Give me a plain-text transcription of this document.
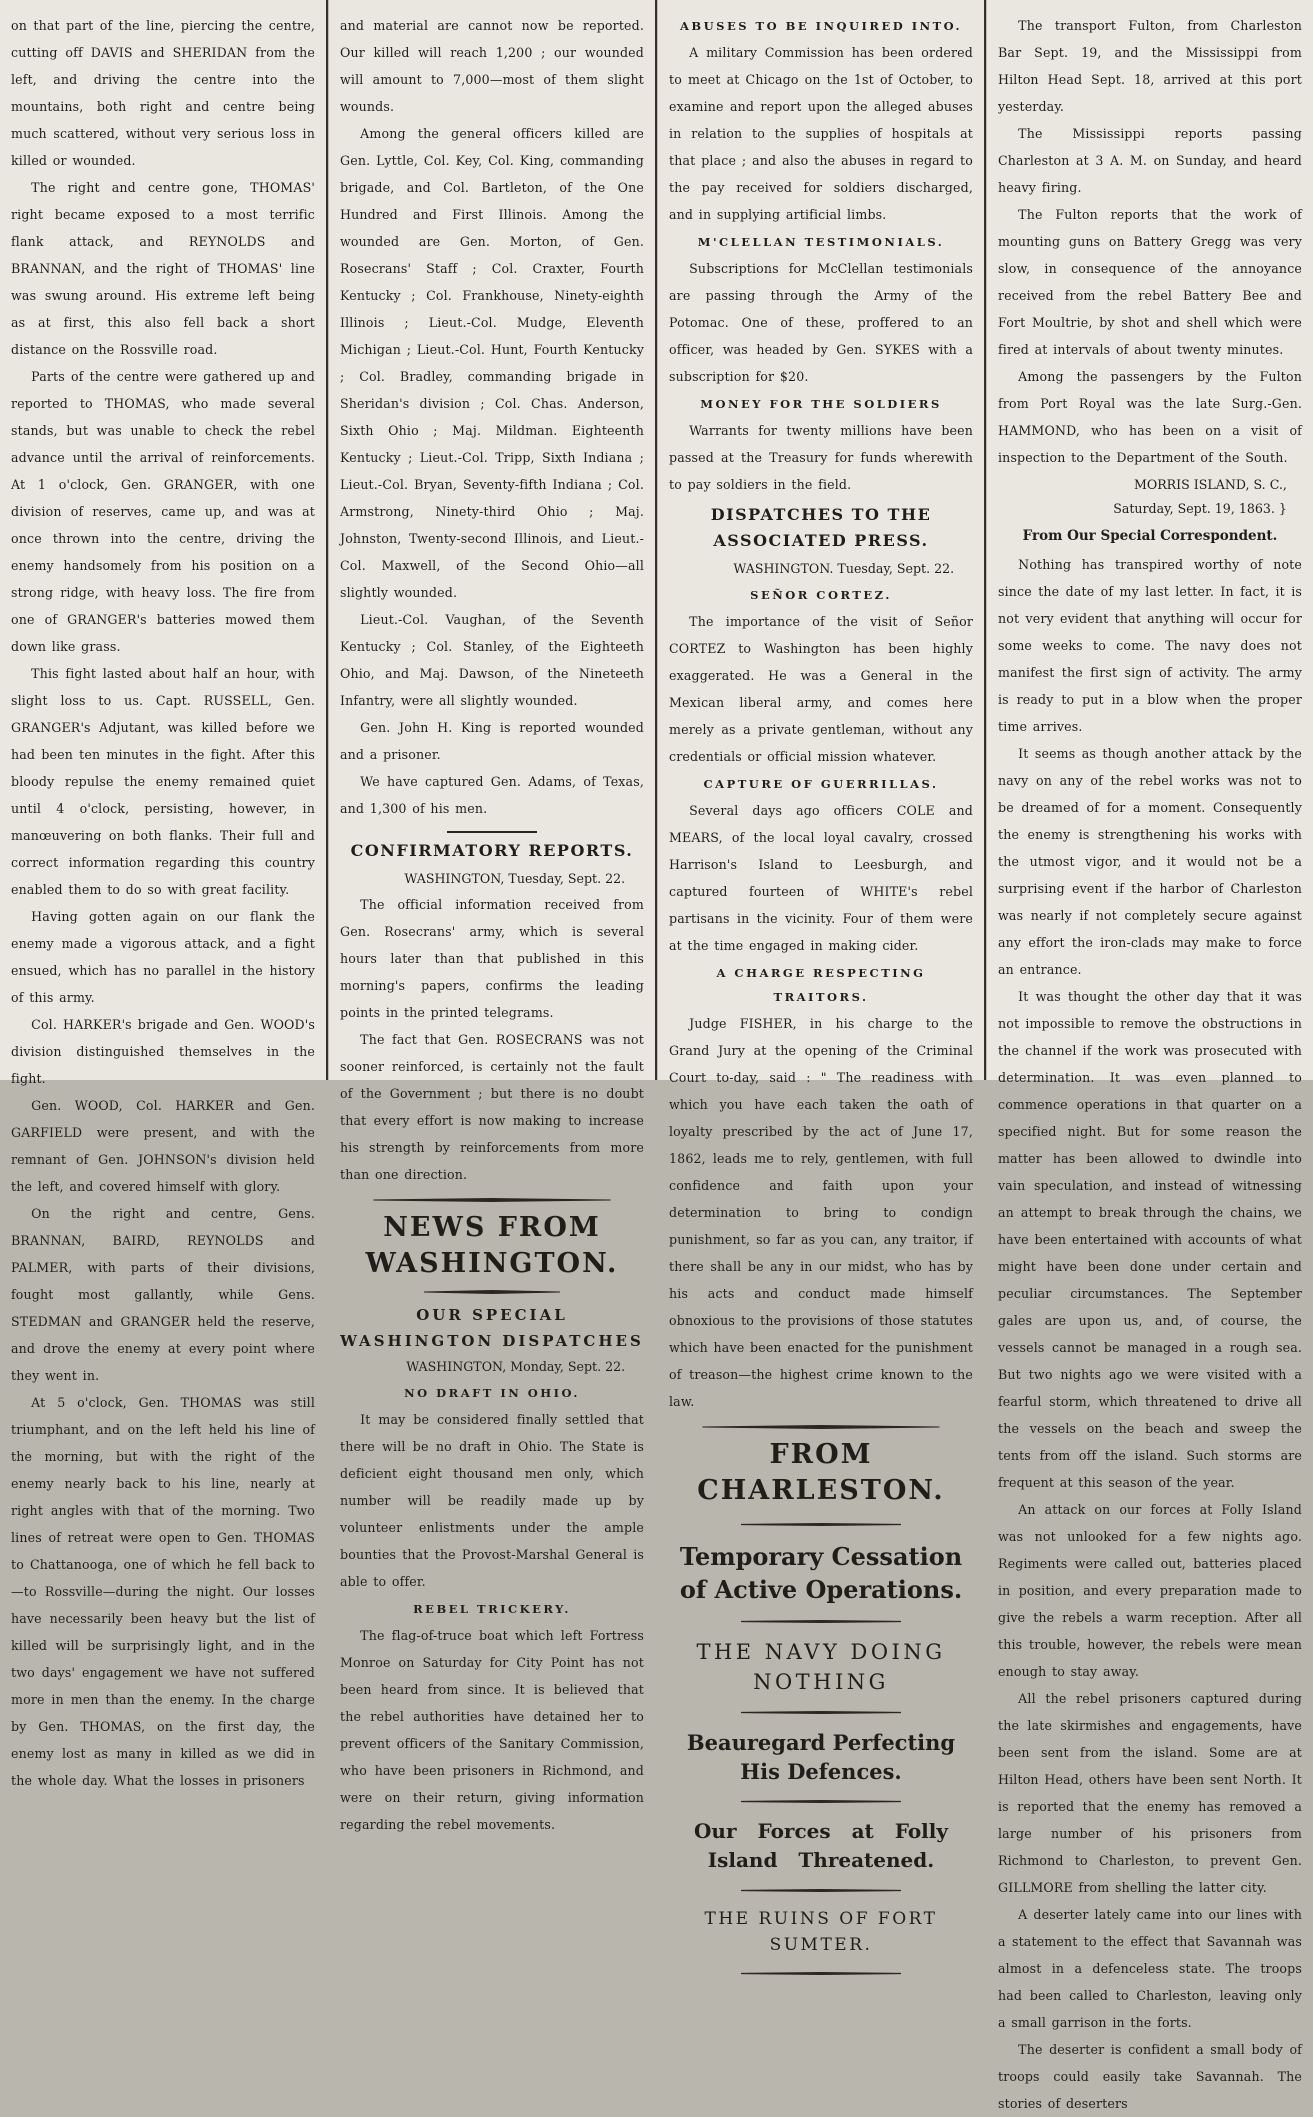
on that part of the line, piercing the centre, cutting off DAVIS and SHERIDAN from the left, and driving the centre into the mountains, both right and centre being much scattered, without very serious loss in killed or wounded.

The right and centre gone, THOMAS' right became exposed to a most terrific flank attack, and REYNOLDS and BRANNAN, and the right of THOMAS' line was swung around. His extreme left being as at first, this also fell back a short distance on the Rossville road.

Parts of the centre were gathered up and reported to THOMAS, who made several stands, but was unable to check the rebel advance until the arrival of reinforcements. At 1 o'clock, Gen. GRANGER, with one division of reserves, came up, and was at once thrown into the centre, driving the enemy handsomely from his position on a strong ridge, with heavy loss. The fire from one of GRANGER's batteries mowed them down like grass.

This fight lasted about half an hour, with slight loss to us. Capt. RUSSELL, Gen. GRANGER's Adjutant, was killed before we had been ten minutes in the fight. After this bloody repulse the enemy remained quiet until 4 o'clock, persisting, however, in manœuvering on both flanks. Their full and correct information regarding this country enabled them to do so with great facility.

Having gotten again on our flank the enemy made a vigorous attack, and a fight ensued, which has no parallel in the history of this army.

Col. HARKER's brigade and Gen. WOOD's division distinguished themselves in the fight.

Gen. WOOD, Col. HARKER and Gen. GARFIELD were present, and with the remnant of Gen. JOHNSON's division held the left, and covered himself with glory.

On the right and centre, Gens. BRANNAN, BAIRD, REYNOLDS and PALMER, with parts of their divisions, fought most gallantly, while Gens. STEDMAN and GRANGER held the reserve, and drove the enemy at every point where they went in.

At 5 o'clock, Gen. THOMAS was still triumphant, and on the left held his line of the morning, but with the right of the enemy nearly back to his line, nearly at right angles with that of the morning. Two lines of retreat were open to Gen. THOMAS to Chattanooga, one of which he fell back to—to Rossville—during the night. Our losses have necessarily been heavy but the list of killed will be surprisingly light, and in the two days' engagement we have not suffered more in men than the enemy. In the charge by Gen. THOMAS, on the first day, the enemy lost as many in killed as we did in the whole day. What the losses in prisoners

and material are cannot now be reported. Our killed will reach 1,200 ; our wounded will amount to 7,000—most of them slight wounds.

Among the general officers killed are Gen. Lyttle, Col. Key, Col. King, commanding brigade, and Col. Bartleton, of the One Hundred and First Illinois. Among the wounded are Gen. Morton, of Gen. Rosecrans' Staff ; Col. Craxter, Fourth Kentucky ; Col. Frankhouse, Ninety-eighth Illinois ; Lieut.-Col. Mudge, Eleventh Michigan ; Lieut.-Col. Hunt, Fourth Kentucky ; Col. Bradley, commanding brigade in Sheridan's division ; Col. Chas. Anderson, Sixth Ohio ; Maj. Mildman. Eighteenth Kentucky ; Lieut.-Col. Tripp, Sixth Indiana ; Lieut.-Col. Bryan, Seventy-fifth Indiana ; Col. Armstrong, Ninety-third Ohio ; Maj. Johnston, Twenty-second Illinois, and Lieut.-Col. Maxwell, of the Second Ohio—all slightly wounded.

Lieut.-Col. Vaughan, of the Seventh Kentucky ; Col. Stanley, of the Eighteeth Ohio, and Maj. Dawson, of the Nineteeth Infantry, were all slightly wounded.

Gen. John H. King is reported wounded and a prisoner.

We have captured Gen. Adams, of Texas, and 1,300 of his men.

CONFIRMATORY REPORTS.

WASHINGTON, Tuesday, Sept. 22.

The official information received from Gen. Rosecrans' army, which is several hours later than that published in this morning's papers, confirms the leading points in the printed telegrams.

The fact that Gen. ROSECRANS was not sooner reinforced, is certainly not the fault of the Government ; but there is no doubt that every effort is now making to increase his strength by reinforcements from more than one direction.

NEWS FROM WASHINGTON.
OUR SPECIAL WASHINGTON DISPATCHES

WASHINGTON, Monday, Sept. 22.

NO DRAFT IN OHIO.

It may be considered finally settled that there will be no draft in Ohio. The State is deficient eight thousand men only, which number will be readily made up by volunteer enlistments under the ample bounties that the Provost-Marshal General is able to offer.

REBEL TRICKERY.

The flag-of-truce boat which left Fortress Monroe on Saturday for City Point has not been heard from since. It is believed that the rebel authorities have detained her to prevent officers of the Sanitary Commission, who have been prisoners in Richmond, and were on their return, giving information regarding the rebel movements.

ABUSES TO BE INQUIRED INTO.

A military Commission has been ordered to meet at Chicago on the 1st of October, to examine and report upon the alleged abuses in relation to the supplies of hospitals at that place ; and also the abuses in regard to the pay received for soldiers discharged, and in supplying artificial limbs.

M'CLELLAN TESTIMONIALS.

Subscriptions for McClellan testimonials are passing through the Army of the Potomac. One of these, proffered to an officer, was headed by Gen. SYKES with a subscription for $20.

MONEY FOR THE SOLDIERS

Warrants for twenty millions have been passed at the Treasury for funds wherewith to pay soldiers in the field.

DISPATCHES TO THE ASSOCIATED PRESS.

WASHINGTON. Tuesday, Sept. 22.

SEÑOR CORTEZ.

The importance of the visit of Señor CORTEZ to Washington has been highly exaggerated. He was a General in the Mexican liberal army, and comes here merely as a private gentleman, without any credentials or official mission whatever.

CAPTURE OF GUERRILLAS.

Several days ago officers COLE and MEARS, of the local loyal cavalry, crossed Harrison's Island to Leesburgh, and captured fourteen of WHITE's rebel partisans in the vicinity. Four of them were at the time engaged in making cider.

A CHARGE RESPECTING TRAITORS.

Judge FISHER, in his charge to the Grand Jury at the opening of the Criminal Court to-day, said : " The readiness with which you have each taken the oath of loyalty prescribed by the act of June 17, 1862, leads me to rely, gentlemen, with full confidence and faith upon your determination to bring to condign punishment, so far as you can, any traitor, if there shall be any in our midst, who has by his acts and conduct made himself obnoxious to the provisions of those statutes which have been enacted for the punishment of treason—the highest crime known to the law.

FROM CHARLESTON.
Temporary Cessation of Active Operations.
THE NAVY DOING NOTHING
Beauregard Perfecting His Defences.
Our Forces at Folly Island Threatened.
THE RUINS OF FORT SUMTER.

The transport Fulton, from Charleston Bar Sept. 19, and the Mississippi from Hilton Head Sept. 18, arrived at this port yesterday.

The Mississippi reports passing Charleston at 3 A. M. on Sunday, and heard heavy firing.

The Fulton reports that the work of mounting guns on Battery Gregg was very slow, in consequence of the annoyance received from the rebel Battery Bee and Fort Moultrie, by shot and shell which were fired at intervals of about twenty minutes.

Among the passengers by the Fulton from Port Royal was the late Surg.-Gen. HAMMOND, who has been on a visit of inspection to the Department of the South.

MORRIS ISLAND, S. C.,
Saturday, Sept. 19, 1863. }
From Our Special Correspondent.

Nothing has transpired worthy of note since the date of my last letter. In fact, it is not very evident that anything will occur for some weeks to come. The navy does not manifest the first sign of activity. The army is ready to put in a blow when the proper time arrives.

It seems as though another attack by the navy on any of the rebel works was not to be dreamed of for a moment. Consequently the enemy is strengthening his works with the utmost vigor, and it would not be a surprising event if the harbor of Charleston was nearly if not completely secure against any effort the iron-clads may make to force an entrance.

It was thought the other day that it was not impossible to remove the obstructions in the channel if the work was prosecuted with determination. It was even planned to commence operations in that quarter on a specified night. But for some reason the matter has been allowed to dwindle into vain speculation, and instead of witnessing an attempt to break through the chains, we have been entertained with accounts of what might have been done under certain and peculiar circumstances. The September gales are upon us, and, of course, the vessels cannot be managed in a rough sea. But two nights ago we were visited with a fearful storm, which threatened to drive all the vessels on the beach and sweep the tents from off the island. Such storms are frequent at this season of the year.

An attack on our forces at Folly Island was not unlooked for a few nights ago. Regiments were called out, batteries placed in position, and every preparation made to give the rebels a warm reception. After all this trouble, however, the rebels were mean enough to stay away.

All the rebel prisoners captured during the late skirmishes and engagements, have been sent from the island. Some are at Hilton Head, others have been sent North. It is reported that the enemy has removed a large number of his prisoners from Richmond to Charleston, to prevent Gen. GILLMORE from shelling the latter city.

A deserter lately came into our lines with a statement to the effect that Savannah was almost in a defenceless state. The troops had been called to Charleston, leaving only a small garrison in the forts.

The deserter is confident a small body of troops could easily take Savannah. The stories of deserters
